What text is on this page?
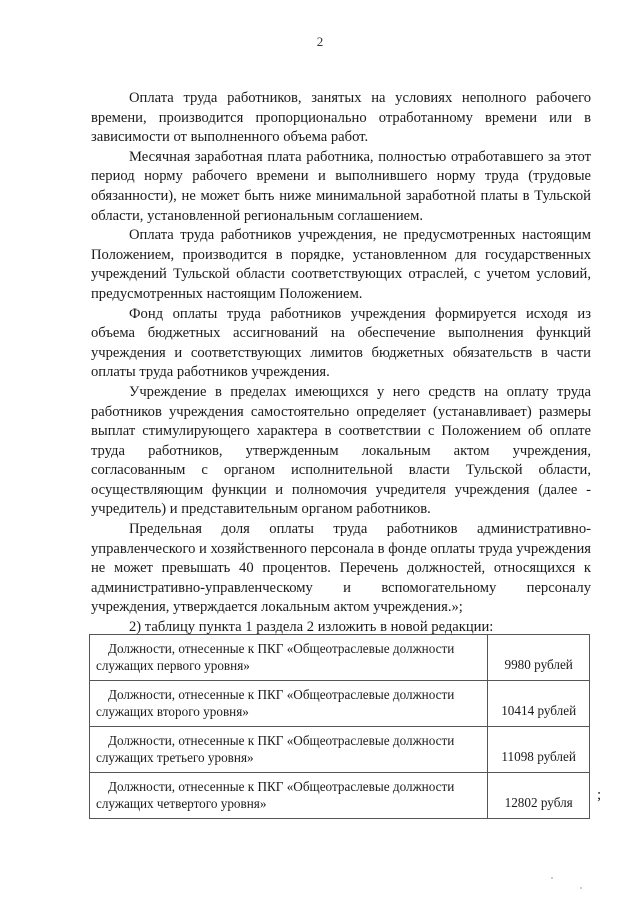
2

Оплата труда работников, занятых на условиях неполного рабочего времени, производится пропорционально отработанному времени или в зависимости от выполненного объема работ.

Месячная заработная плата работника, полностью отработавшего за этот период норму рабочего времени и выполнившего норму труда (трудовые обязанности), не может быть ниже минимальной заработной платы в Тульской области, установленной региональным соглашением.

Оплата труда работников учреждения, не предусмотренных настоящим Положением, производится в порядке, установленном для государственных учреждений Тульской области соответствующих отраслей, с учетом условий, предусмотренных настоящим Положением.

Фонд оплаты труда работников учреждения формируется исходя из объема бюджетных ассигнований на обеспечение выполнения функций учреждения и соответствующих лимитов бюджетных обязательств в части оплаты труда работников учреждения.

Учреждение в пределах имеющихся у него средств на оплату труда работников учреждения самостоятельно определяет (устанавливает) размеры выплат стимулирующего характера в соответствии с Положением об оплате труда работников, утвержденным локальным актом учреждения, согласованным с органом исполнительной власти Тульской области, осуществляющим функции и полномочия учредителя учреждения (далее - учредитель) и представительным органом работников.

Предельная доля оплаты труда работников административно-управленческого и хозяйственного персонала в фонде оплаты труда учреждения не может превышать 40 процентов. Перечень должностей, относящихся к административно-управленческому и вспомогательному персоналу учреждения, утверждается локальным актом учреждения.»;

2) таблицу пункта 1 раздела 2 изложить в новой редакции:

Должности, отнесенные к ПКГ «Общеотраслевые должности
служащих первого уровня»	9980 рублей

Должности, отнесенные к ПКГ «Общеотраслевые должности
служащих второго уровня»	10414 рублей

Должности, отнесенные к ПКГ «Общеотраслевые должности
служащих третьего уровня»	11098 рублей

Должности, отнесенные к ПКГ «Общеотраслевые должности
служащих четвертого уровня»	12802 рубля ;
